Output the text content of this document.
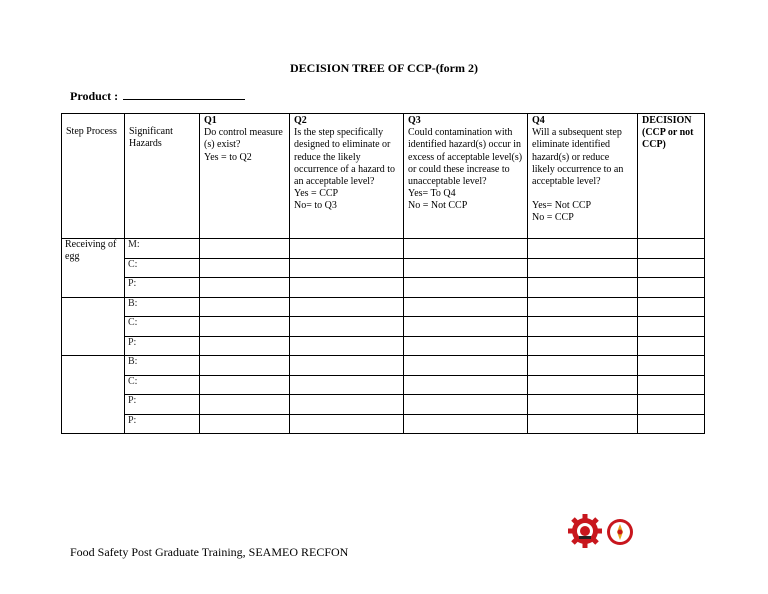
DECISION TREE OF CCP-(form 2)
Product :
Step Process	Significant Hazards	Q1
Do control measure (s) exist?
Yes = to Q2	Q2
Is the step specifically designed to eliminate or reduce the likely occurrence of a hazard to an acceptable level?
Yes = CCP
No= to Q3	Q3
Could contamination with identified hazard(s) occur in excess of acceptable level(s) or could these increase to unacceptable level?
Yes= To Q4
No = Not CCP	Q4
Will a subsequent step eliminate identified hazard(s) or reduce likely occurrence to an acceptable level?
Yes= Not CCP
No = CCP	DECISION (CCP or not CCP)
Receiving of egg	M:					
	C:					
	P:					
	B:					
	C:					
	P:					
	B:					
	C:					
	P:					
	P:					
Food Safety Post Graduate Training, SEAMEO RECFON
